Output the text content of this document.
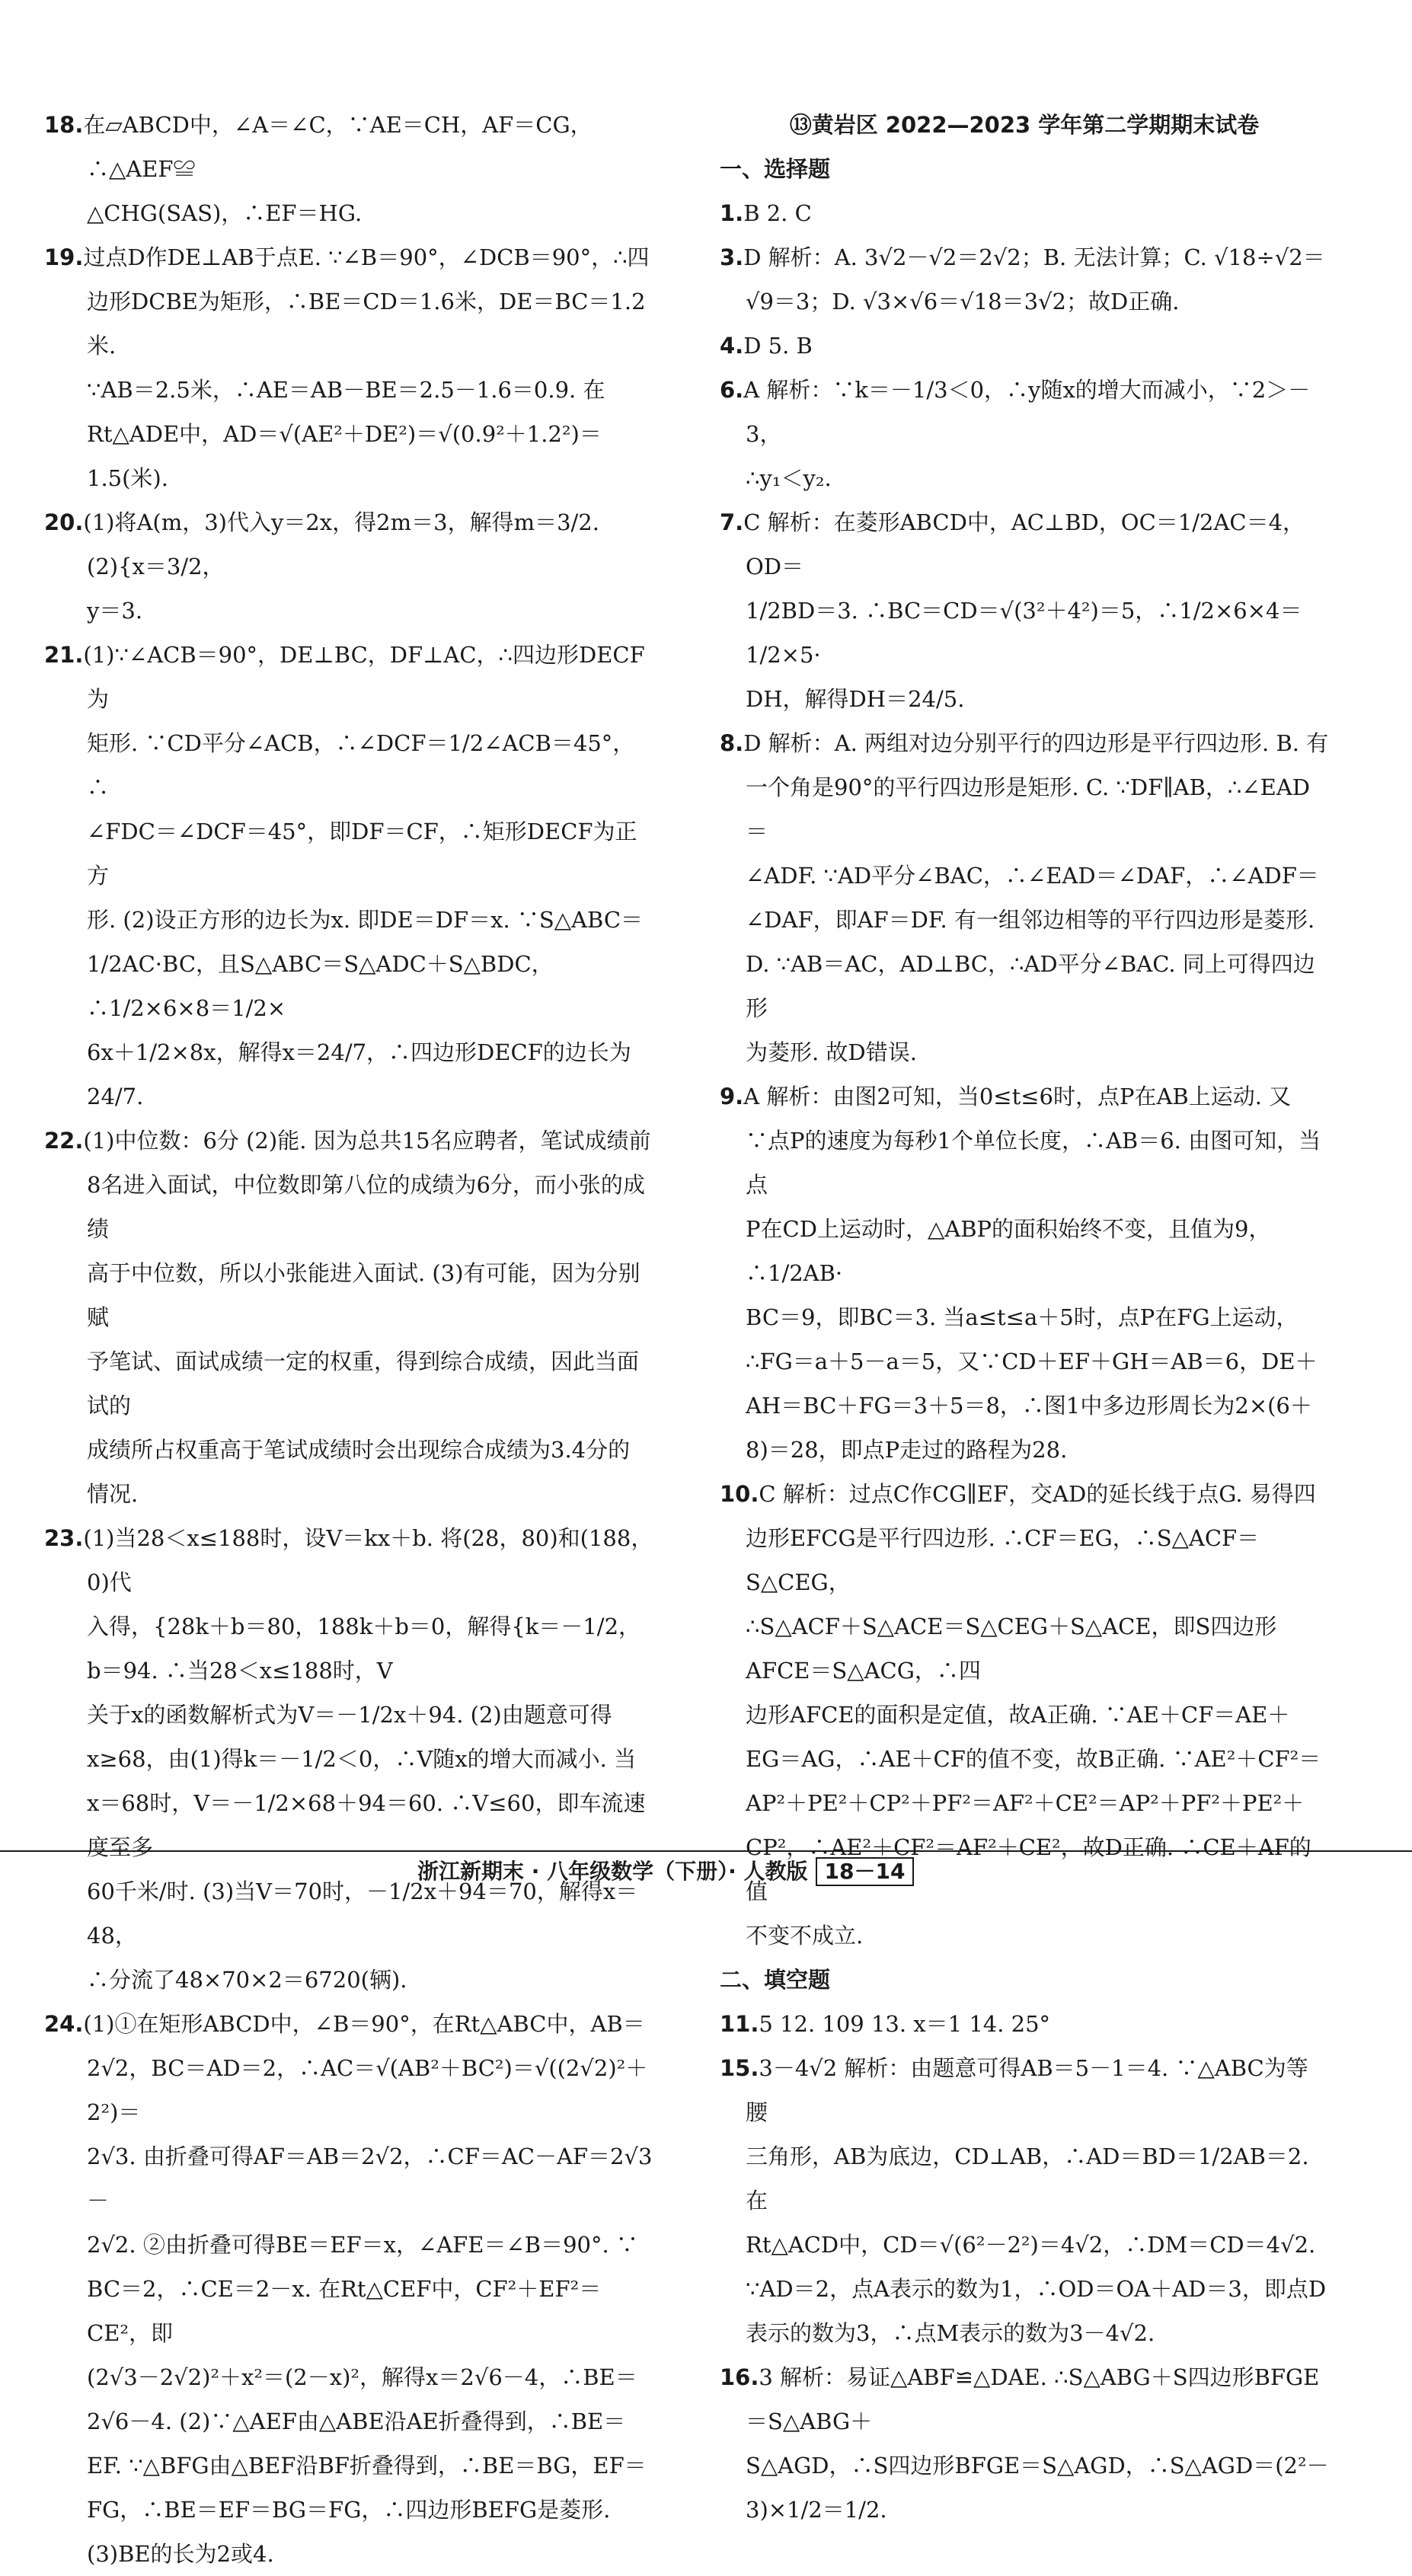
18.在▱ABCD中，∠A＝∠C，∵AE＝CH，AF＝CG，∴△AEF≌
△CHG(SAS)，∴EF＝HG.
19.过点D作DE⊥AB于点E. ∵∠B＝90°，∠DCB＝90°，∴四
边形DCBE为矩形，∴BE＝CD＝1.6米，DE＝BC＝1.2米.
∵AB＝2.5米，∴AE＝AB－BE＝2.5－1.6＝0.9. 在
Rt△ADE中，AD＝√(AE²＋DE²)＝√(0.9²＋1.2²)＝1.5(米).
20.(1)将A(m，3)代入y＝2x，得2m＝3，解得m＝3/2.
(2){x＝3/2，
y＝3.
21.(1)∵∠ACB＝90°，DE⊥BC，DF⊥AC，∴四边形DECF为
矩形. ∵CD平分∠ACB，∴∠DCF＝1/2∠ACB＝45°，∴
∠FDC＝∠DCF＝45°，即DF＝CF，∴矩形DECF为正方
形. (2)设正方形的边长为x. 即DE＝DF＝x. ∵S△ABC＝
1/2AC·BC，且S△ABC＝S△ADC＋S△BDC，∴1/2×6×8＝1/2×
6x＋1/2×8x，解得x＝24/7，∴四边形DECF的边长为24/7.
22.(1)中位数：6分 (2)能. 因为总共15名应聘者，笔试成绩前
8名进入面试，中位数即第八位的成绩为6分，而小张的成绩
高于中位数，所以小张能进入面试. (3)有可能，因为分别赋
予笔试、面试成绩一定的权重，得到综合成绩，因此当面试的
成绩所占权重高于笔试成绩时会出现综合成绩为3.4分的
情况.
23.(1)当28＜x≤188时，设V＝kx＋b. 将(28，80)和(188，0)代
入得，{28k＋b＝80，188k＋b＝0，解得{k＝－1/2，b＝94. ∴当28＜x≤188时，V
关于x的函数解析式为V＝－1/2x＋94. (2)由题意可得
x≥68，由(1)得k＝－1/2＜0，∴V随x的增大而减小. 当
x＝68时，V＝－1/2×68＋94＝60. ∴V≤60，即车流速度至多
60千米/时. (3)当V＝70时，－1/2x＋94＝70，解得x＝48，
∴分流了48×70×2＝6720(辆).
24.(1)①在矩形ABCD中，∠B＝90°，在Rt△ABC中，AB＝
2√2，BC＝AD＝2，∴AC＝√(AB²＋BC²)＝√((2√2)²＋2²)＝
2√3. 由折叠可得AF＝AB＝2√2，∴CF＝AC－AF＝2√3－
2√2. ②由折叠可得BE＝EF＝x，∠AFE＝∠B＝90°. ∵
BC＝2，∴CE＝2－x. 在Rt△CEF中，CF²＋EF²＝CE²，即
(2√3－2√2)²＋x²＝(2－x)²，解得x＝2√6－4，∴BE＝
2√6－4. (2)∵△AEF由△ABE沿AE折叠得到，∴BE＝
EF. ∵△BFG由△BEF沿BF折叠得到，∴BE＝BG，EF＝
FG，∴BE＝EF＝BG＝FG，∴四边形BEFG是菱形.
(3)BE的长为2或4.
⑬黄岩区 2022—2023 学年第二学期期末试卷
一、选择题
1.B 2. C
3.D 解析：A. 3√2－√2＝2√2；B. 无法计算；C. √18÷√2＝
√9＝3；D. √3×√6＝√18＝3√2；故D正确.
4.D 5. B
6.A 解析：∵k＝－1/3＜0，∴y随x的增大而减小，∵2＞－3，
∴y₁＜y₂.
7.C 解析：在菱形ABCD中，AC⊥BD，OC＝1/2AC＝4，OD＝
1/2BD＝3. ∴BC＝CD＝√(3²＋4²)＝5，∴1/2×6×4＝1/2×5·
DH，解得DH＝24/5.
8.D 解析：A. 两组对边分别平行的四边形是平行四边形. B. 有
一个角是90°的平行四边形是矩形. C. ∵DF∥AB，∴∠EAD＝
∠ADF. ∵AD平分∠BAC，∴∠EAD＝∠DAF，∴∠ADF＝
∠DAF，即AF＝DF. 有一组邻边相等的平行四边形是菱形.
D. ∵AB＝AC，AD⊥BC，∴AD平分∠BAC. 同上可得四边形
为菱形. 故D错误.
9.A 解析：由图2可知，当0≤t≤6时，点P在AB上运动. 又
∵点P的速度为每秒1个单位长度，∴AB＝6. 由图可知，当点
P在CD上运动时，△ABP的面积始终不变，且值为9，∴1/2AB·
BC＝9，即BC＝3. 当a≤t≤a＋5时，点P在FG上运动，
∴FG＝a＋5－a＝5，又∵CD＋EF＋GH＝AB＝6，DE＋
AH＝BC＋FG＝3＋5＝8，∴图1中多边形周长为2×(6＋
8)＝28，即点P走过的路程为28.
10.C 解析：过点C作CG∥EF，交AD的延长线于点G. 易得四
边形EFCG是平行四边形. ∴CF＝EG，∴S△ACF＝S△CEG，
∴S△ACF＋S△ACE＝S△CEG＋S△ACE，即S四边形AFCE＝S△ACG，∴四
边形AFCE的面积是定值，故A正确. ∵AE＋CF＝AE＋
EG＝AG，∴AE＋CF的值不变，故B正确. ∵AE²＋CF²＝
AP²＋PE²＋CP²＋PF²＝AF²＋CE²＝AP²＋PF²＋PE²＋
CP²，∴AE²＋CF²＝AF²＋CE²，故D正确. ∴CE＋AF的值
不变不成立.
二、填空题
11.5 12. 109 13. x＝1 14. 25°
15.3－4√2 解析：由题意可得AB＝5－1＝4. ∵△ABC为等腰
三角形，AB为底边，CD⊥AB，∴AD＝BD＝1/2AB＝2. 在
Rt△ACD中，CD＝√(6²－2²)＝4√2，∴DM＝CD＝4√2.
∵AD＝2，点A表示的数为1，∴OD＝OA＋AD＝3，即点D
表示的数为3，∴点M表示的数为3－4√2.
16.3 解析：易证△ABF≌△DAE. ∴S△ABG＋S四边形BFGE＝S△ABG＋
S△AGD，∴S四边形BFGE＝S△AGD，∴S△AGD＝(2²－3)×1/2＝1/2.
浙江新期末 · 八年级数学（下册）· 人教版 18－14
